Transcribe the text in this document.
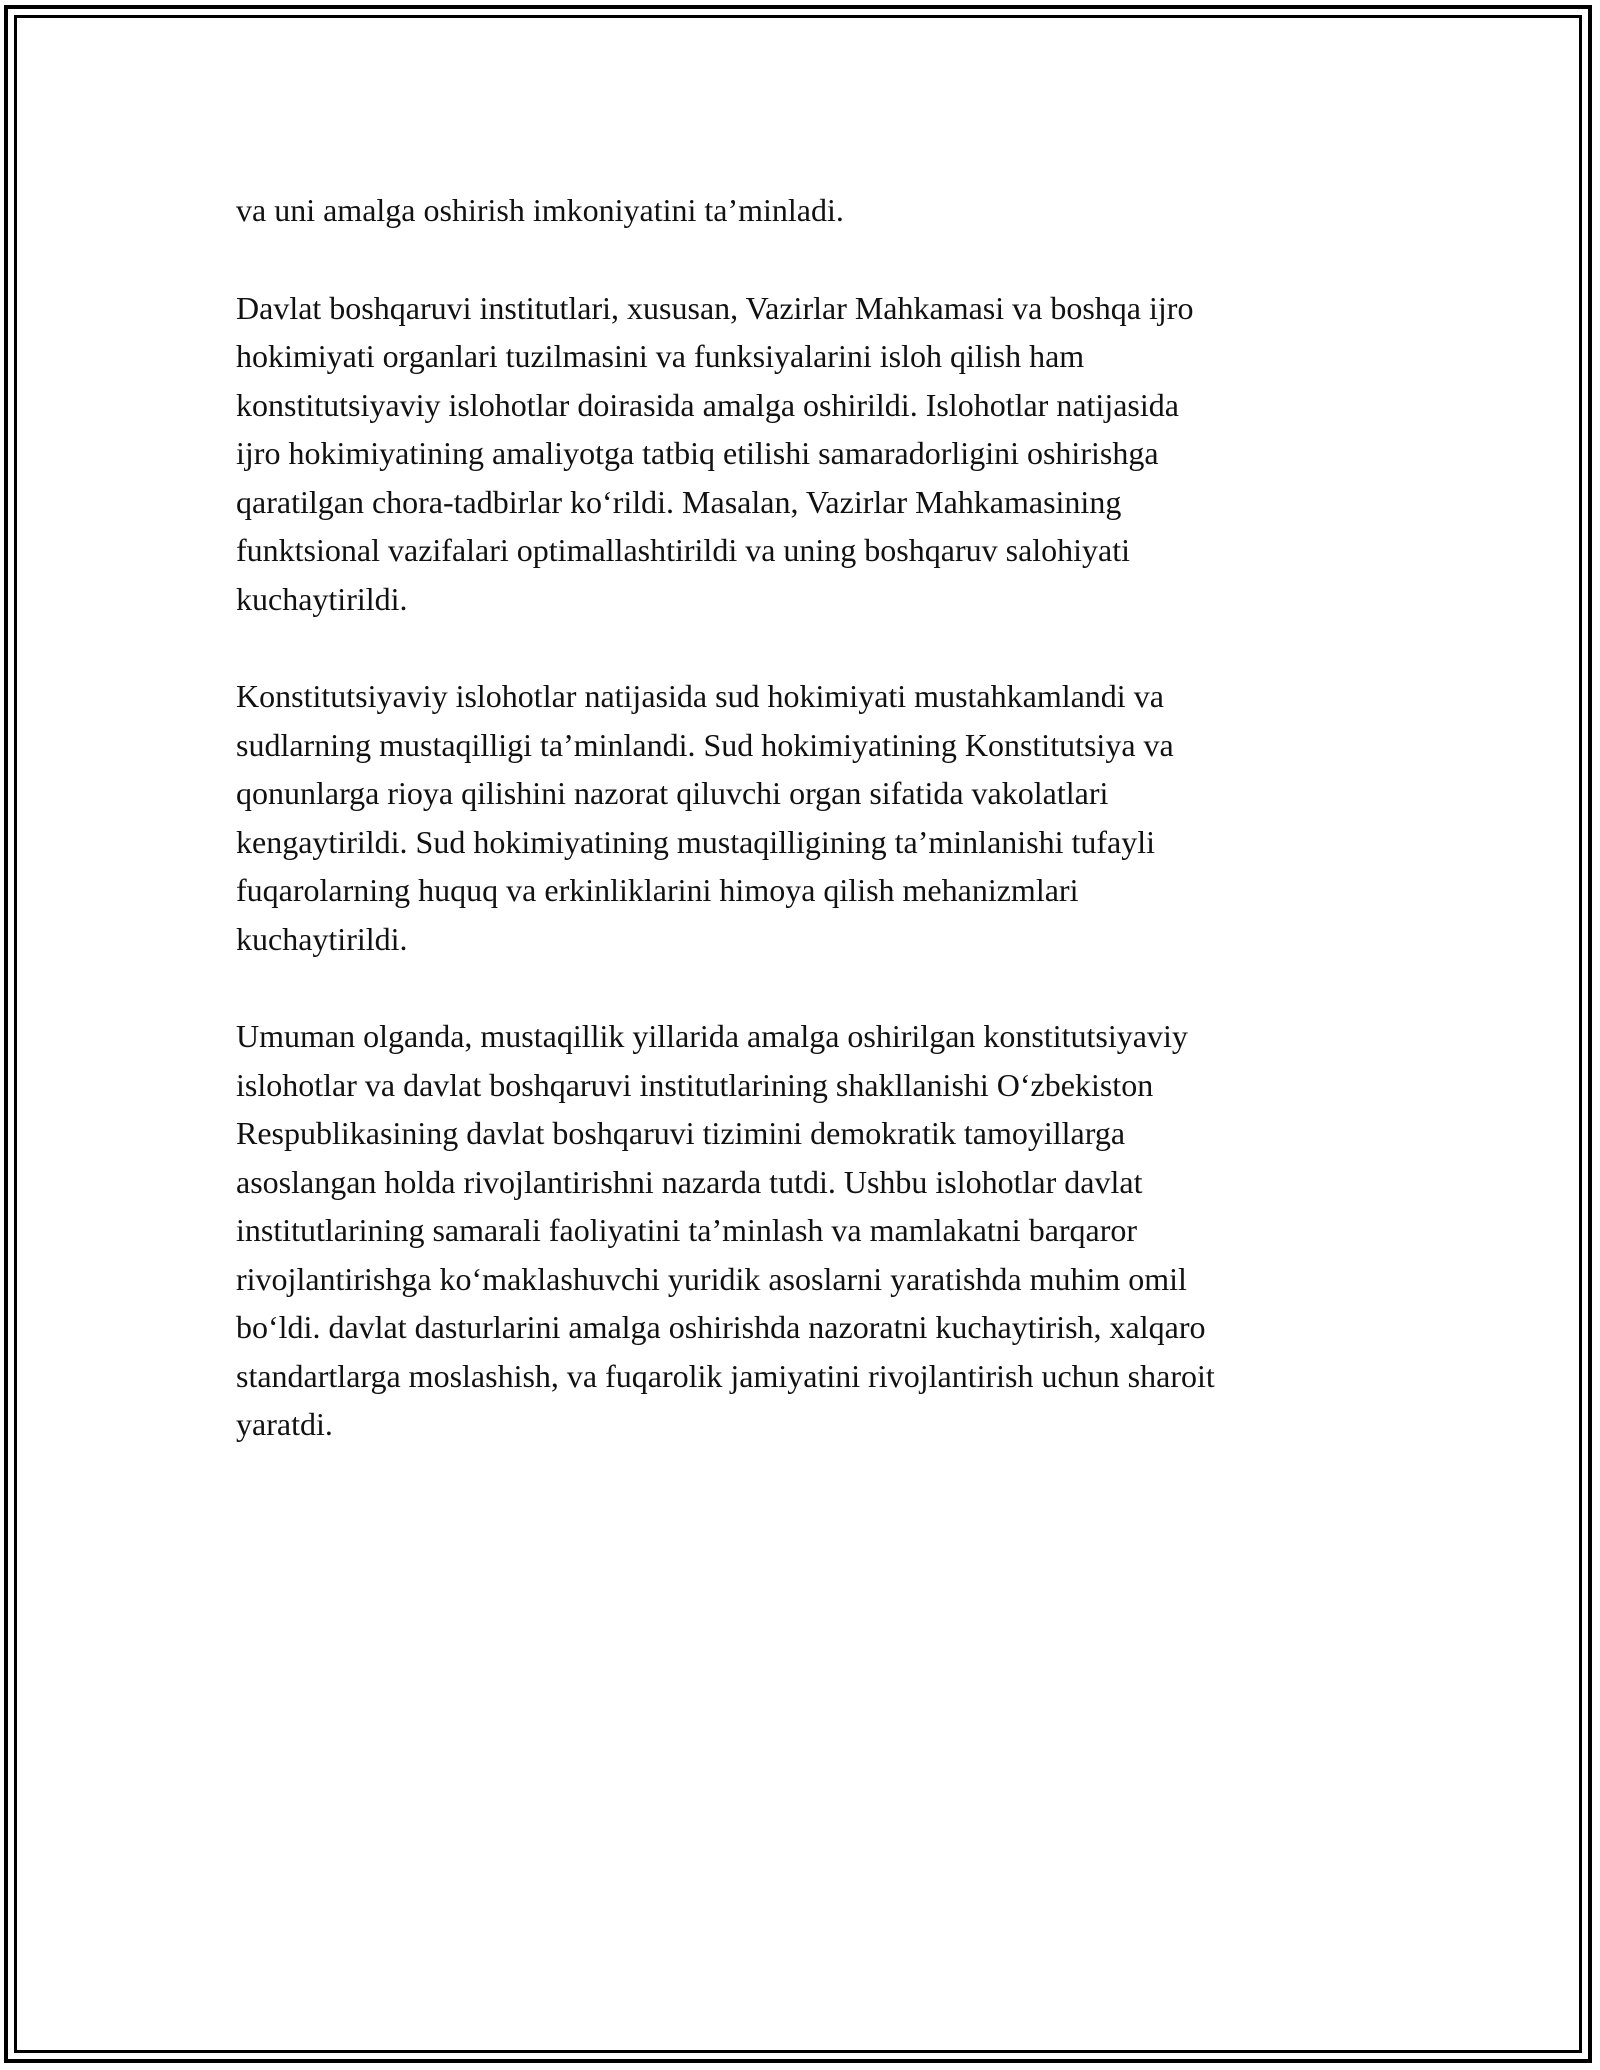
va uni amalga oshirish imkoniyatini ta’minladi.

Davlat boshqaruvi institutlari, xususan, Vazirlar Mahkamasi va boshqa ijro
hokimiyati organlari tuzilmasini va funksiyalarini isloh qilish ham
konstitutsiyaviy islohotlar doirasida amalga oshirildi. Islohotlar natijasida
ijro hokimiyatining amaliyotga tatbiq etilishi samaradorligini oshirishga
qaratilgan chora-tadbirlar ko‘rildi. Masalan, Vazirlar Mahkamasining
funktsional vazifalari optimallashtirildi va uning boshqaruv salohiyati
kuchaytirildi.

Konstitutsiyaviy islohotlar natijasida sud hokimiyati mustahkamlandi va
sudlarning mustaqilligi ta’minlandi. Sud hokimiyatining Konstitutsiya va
qonunlarga rioya qilishini nazorat qiluvchi organ sifatida vakolatlari
kengaytirildi. Sud hokimiyatining mustaqilligining ta’minlanishi tufayli
fuqarolarning huquq va erkinliklarini himoya qilish mehanizmlari
kuchaytirildi.

Umuman olganda, mustaqillik yillarida amalga oshirilgan konstitutsiyaviy
islohotlar va davlat boshqaruvi institutlarining shakllanishi O‘zbekiston
Respublikasining davlat boshqaruvi tizimini demokratik tamoyillarga
asoslangan holda rivojlantirishni nazarda tutdi. Ushbu islohotlar davlat
institutlarining samarali faoliyatini ta’minlash va mamlakatni barqaror
rivojlantirishga ko‘maklashuvchi yuridik asoslarni yaratishda muhim omil
bo‘ldi. davlat dasturlarini amalga oshirishda nazoratni kuchaytirish, xalqaro
standartlarga moslashish, va fuqarolik jamiyatini rivojlantirish uchun sharoit
yaratdi.
